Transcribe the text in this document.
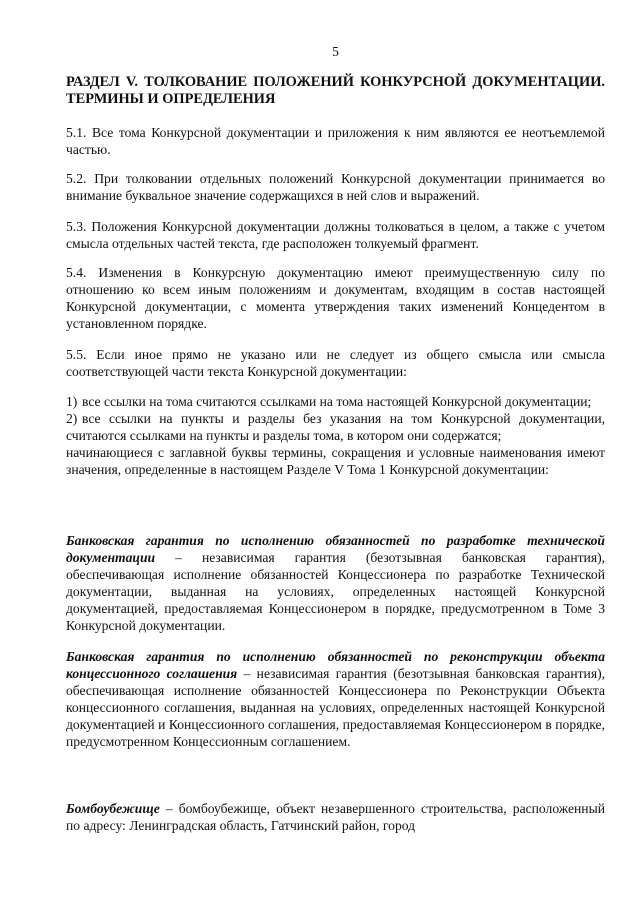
5
РАЗДЕЛ V. ТОЛКОВАНИЕ ПОЛОЖЕНИЙ КОНКУРСНОЙ ДОКУМЕНТАЦИИ. ТЕРМИНЫ И ОПРЕДЕЛЕНИЯ

5.1. Все тома Конкурсной документации и приложения к ним являются ее неотъемлемой частью.

5.2. При толковании отдельных положений Конкурсной документации принимается во внимание буквальное значение содержащихся в ней слов и выражений.

5.3. Положения Конкурсной документации должны толковаться в целом, а также с учетом смысла отдельных частей текста, где расположен толкуемый фрагмент.

5.4. Изменения в Конкурсную документацию имеют преимущественную силу по отношению ко всем иным положениям и документам, входящим в состав настоящей Конкурсной документации, с момента утверждения таких изменений Концедентом в установленном порядке.

5.5. Если иное прямо не указано или не следует из общего смысла или смысла соответствующей части текста Конкурсной документации:

1) все ссылки на тома считаются ссылками на тома настоящей Конкурсной документации;
2) все ссылки на пункты и разделы без указания на том Конкурсной документации, считаются ссылками на пункты и разделы тома, в котором они содержатся;
начинающиеся с заглавной буквы термины, сокращения и условные наименования имеют значения, определенные в настоящем Разделе V Тома 1 Конкурсной документации:

Банковская гарантия по исполнению обязанностей по разработке технической документации – независимая гарантия (безотзывная банковская гарантия), обеспечивающая исполнение обязанностей Концессионера по разработке Технической документации, выданная на условиях, определенных настоящей Конкурсной документацией, предоставляемая Концессионером в порядке, предусмотренном в Томе 3 Конкурсной документации.

Банковская гарантия по исполнению обязанностей по реконструкции объекта концессионного соглашения – независимая гарантия (безотзывная банковская гарантия), обеспечивающая исполнение обязанностей Концессионера по Реконструкции Объекта концессионного соглашения, выданная на условиях, определенных настоящей Конкурсной документацией и Концессионного соглашения, предоставляемая Концессионером в порядке, предусмотренном Концессионным соглашением.

Бомбоубежище – бомбоубежище, объект незавершенного строительства, расположенный по адресу: Ленинградская область, Гатчинский район, город
